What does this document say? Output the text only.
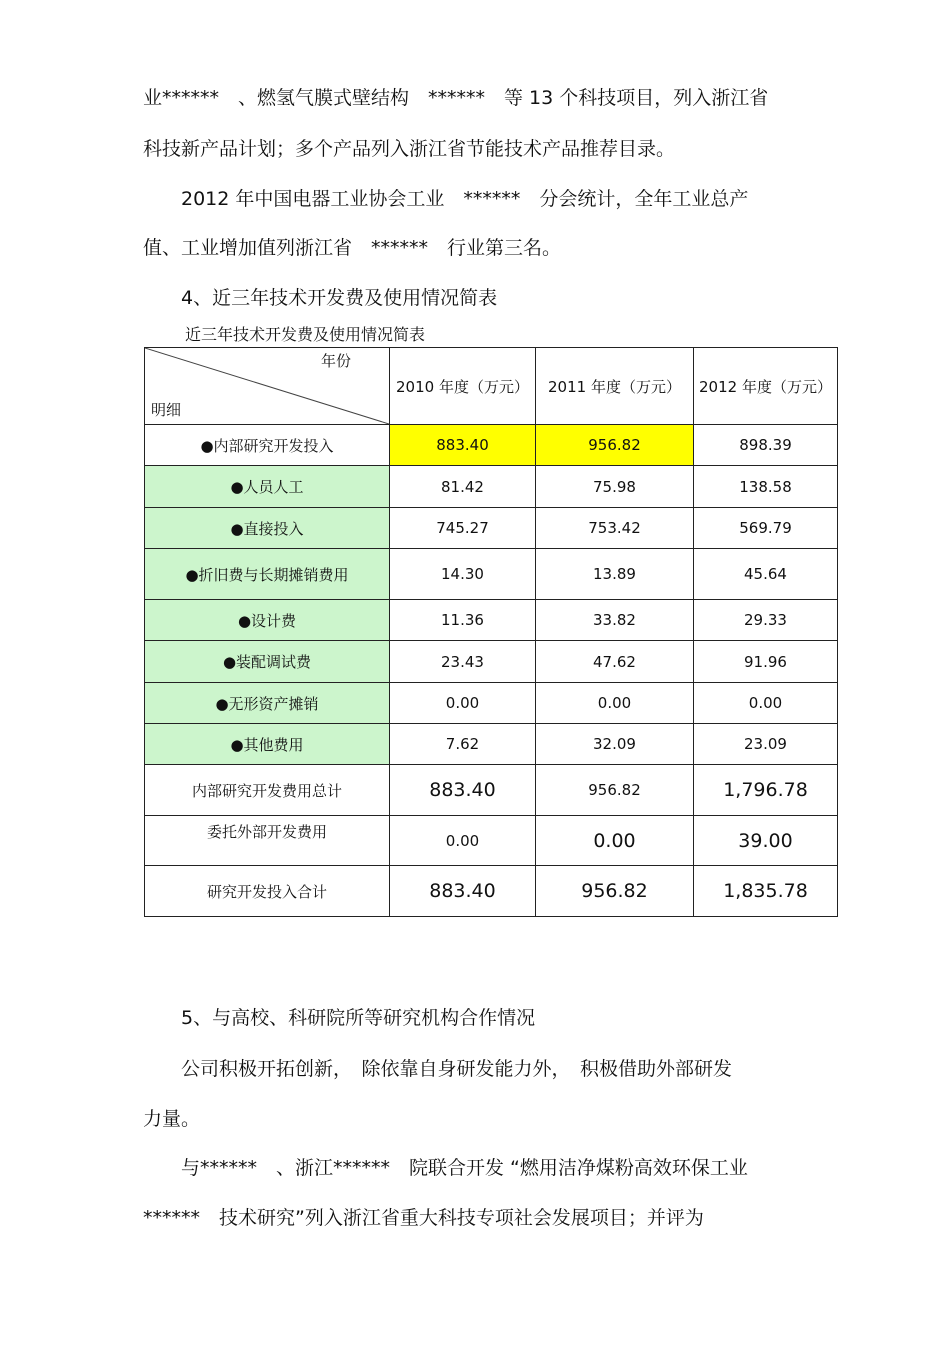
业******　、燃氢气膜式壁结构　******　等 13 个科技项目，列入浙江省
科技新产品计划；多个产品列入浙江省节能技术产品推荐目录。
　　2012 年中国电器工业协会工业　******　分会统计，全年工业总产
值、工业增加值列浙江省　******　行业第三名。
　　4、近三年技术开发费及使用情况简表
近三年技术开发费及使用情况简表
年份
明细	2010 年度（万元）	2011 年度（万元）	2012 年度（万元）
●内部研究开发投入	883.40	956.82	898.39
●人员人工	81.42	75.98	138.58
●直接投入	745.27	753.42	569.79
●折旧费与长期摊销费用	14.30	13.89	45.64
●设计费	11.36	33.82	29.33
●装配调试费	23.43	47.62	91.96
●无形资产摊销	0.00	0.00	0.00
●其他费用	7.62	32.09	23.09
内部研究开发费用总计	883.40	956.82	1,796.78
委托外部开发费用	0.00	0.00	39.00
研究开发投入合计	883.40	956.82	1,835.78
　　5、与高校、科研院所等研究机构合作情况
　　公司积极开拓创新，　除依靠自身研发能力外，　积极借助外部研发
力量。
　　与******　、浙江******　院联合开发 “燃用洁净煤粉高效环保工业
******　技术研究”列入浙江省重大科技专项社会发展项目；并评为
